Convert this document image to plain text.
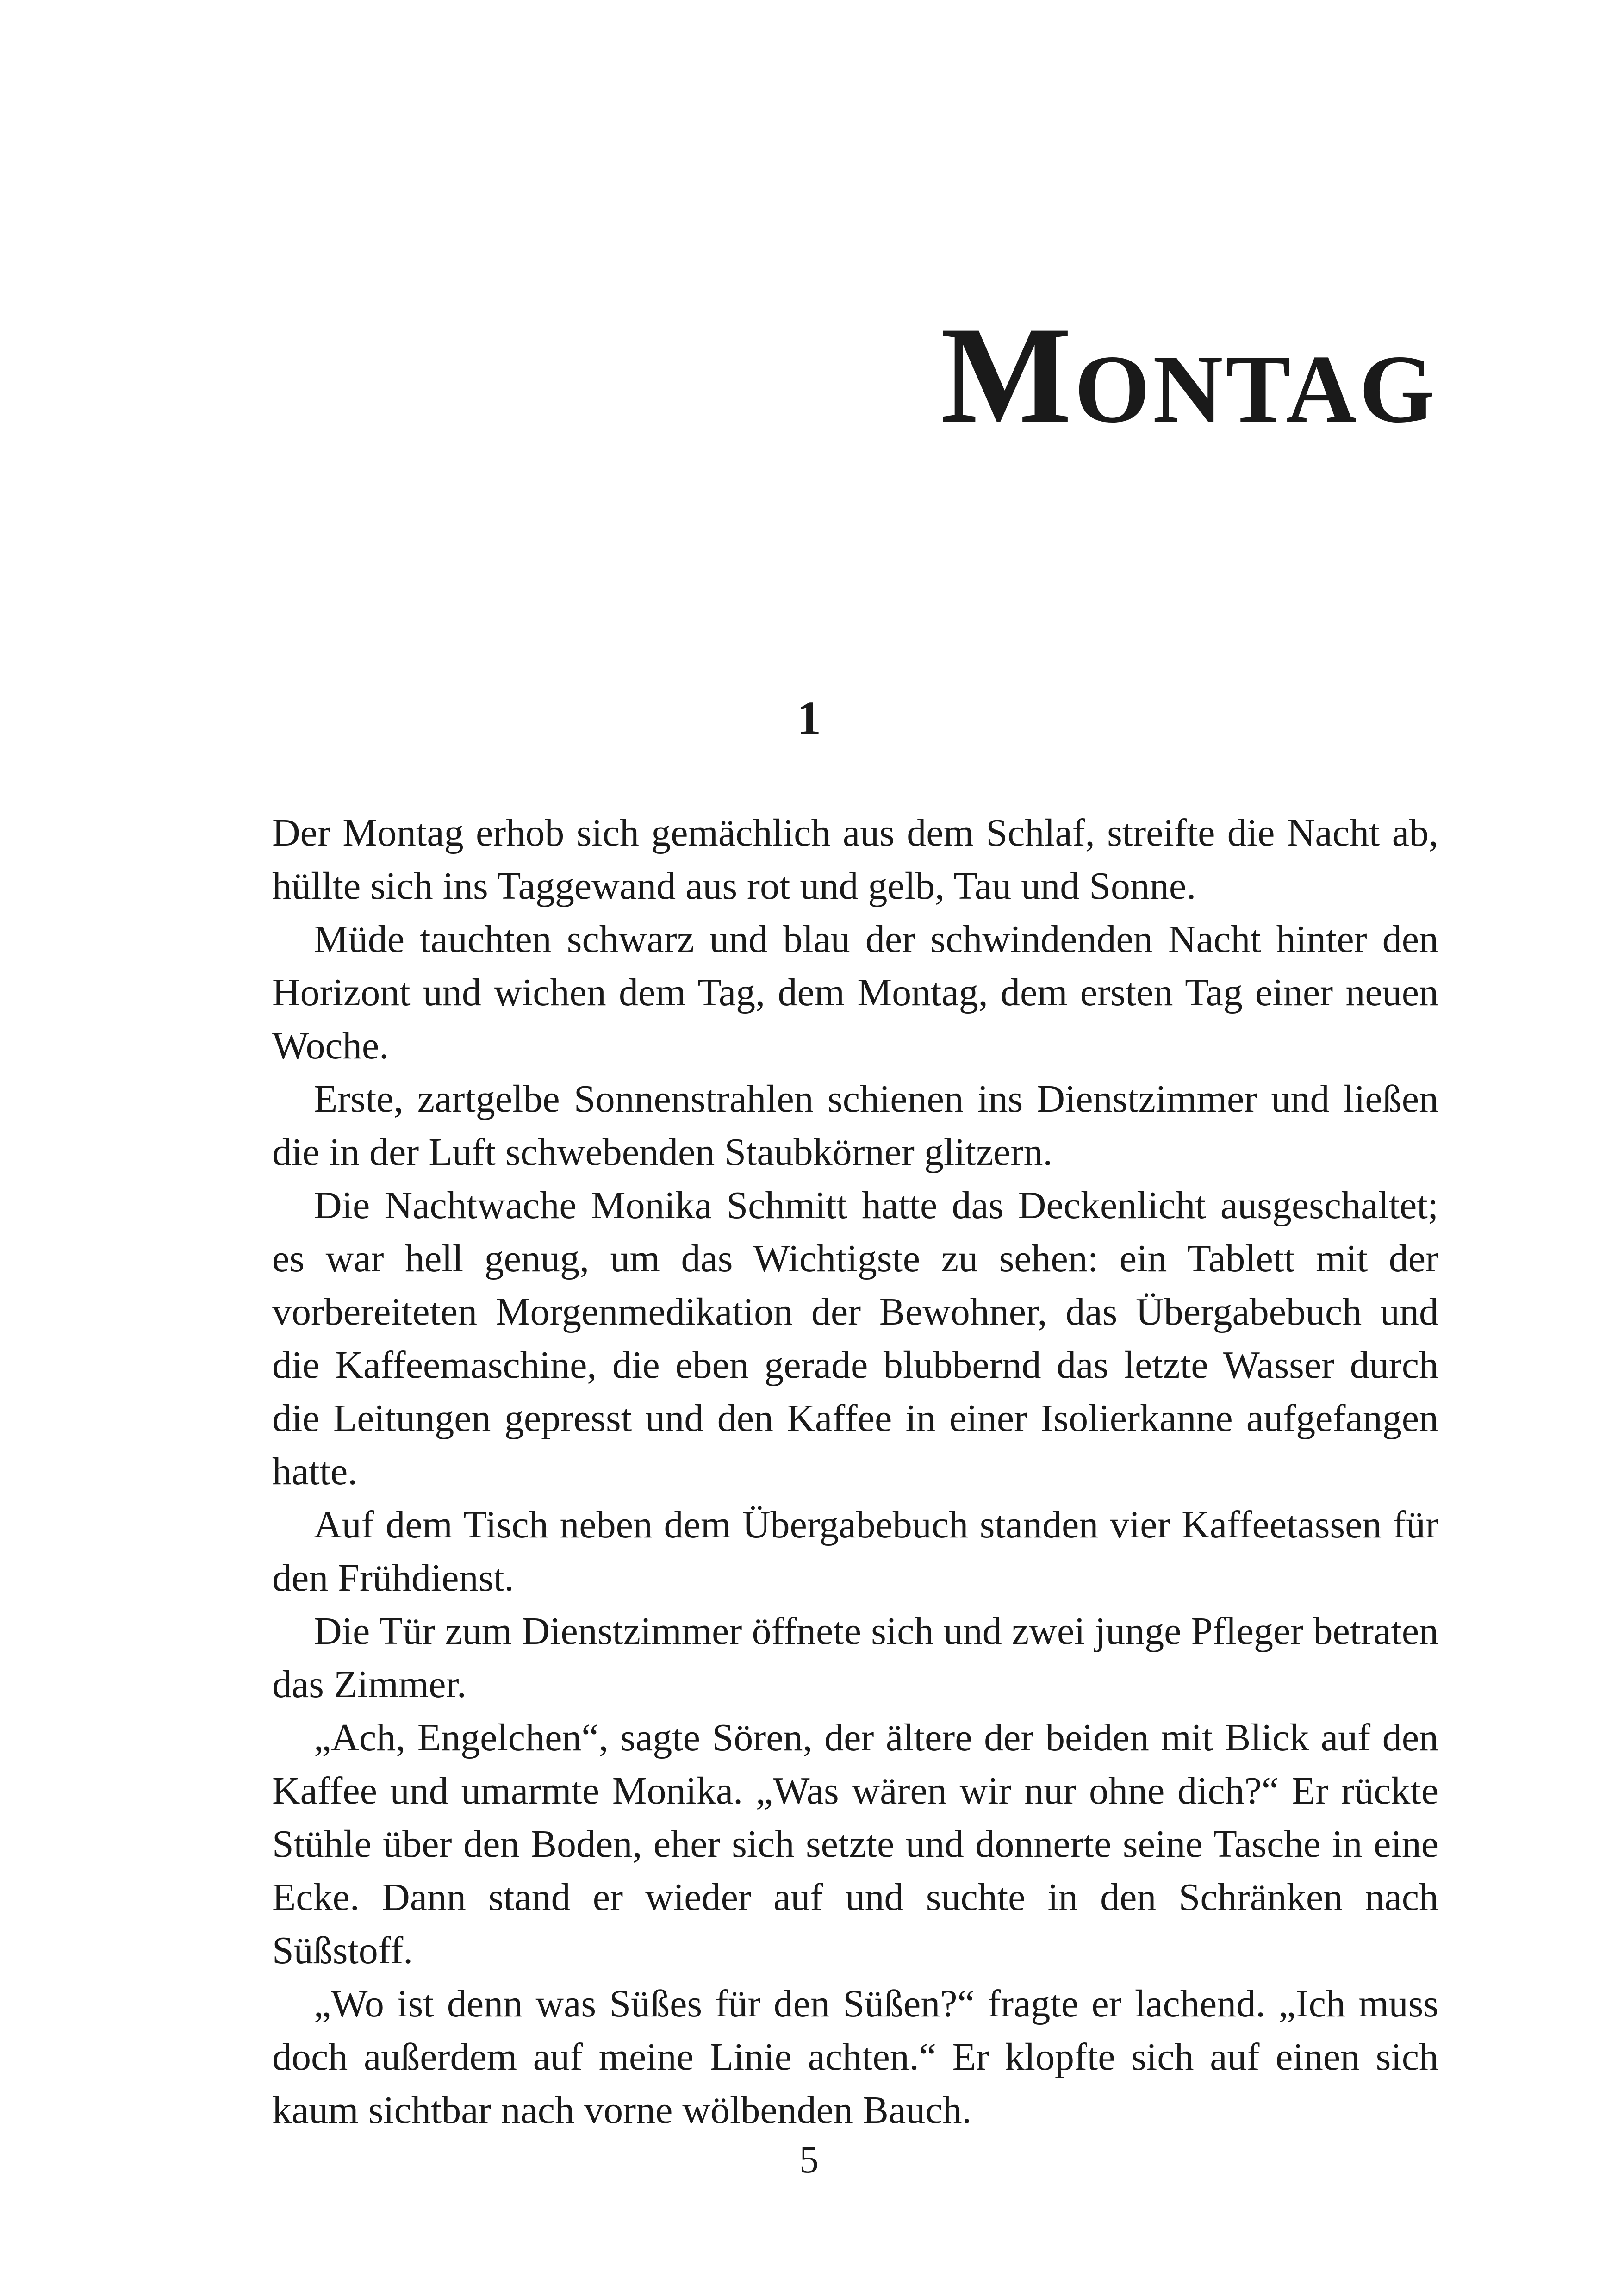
Montag
1

Der Montag erhob sich gemächlich aus dem Schlaf, streifte die Nacht ab, hüllte sich ins Taggewand aus rot und gelb, Tau und Sonne.

Müde tauchten schwarz und blau der schwindenden Nacht hinter den Horizont und wichen dem Tag, dem Montag, dem ersten Tag einer neuen Woche.

Erste, zartgelbe Sonnenstrahlen schienen ins Dienstzimmer und ließen die in der Luft schwebenden Staubkörner glitzern.

Die Nachtwache Monika Schmitt hatte das Deckenlicht ausgeschaltet; es war hell genug, um das Wichtigste zu sehen: ein Tablett mit der vorbereiteten Morgenmedikation der Bewohner, das Übergabebuch und die Kaffeemaschine, die eben gerade blubbernd das letzte Wasser durch die Leitungen gepresst und den Kaffee in einer Isolierkanne aufgefangen hatte.

Auf dem Tisch neben dem Übergabebuch standen vier Kaffeetassen für den Frühdienst.

Die Tür zum Dienstzimmer öffnete sich und zwei junge Pfleger betraten das Zimmer.

„Ach, Engelchen“, sagte Sören, der ältere der beiden mit Blick auf den Kaffee und umarmte Monika. „Was wären wir nur ohne dich?“ Er rückte Stühle über den Boden, eher sich setzte und donnerte seine Tasche in eine Ecke. Dann stand er wieder auf und suchte in den Schränken nach Süßstoff.

„Wo ist denn was Süßes für den Süßen?“ fragte er lachend. „Ich muss doch außerdem auf meine Linie achten.“ Er klopfte sich auf einen sich kaum sichtbar nach vorne wölbenden Bauch.

5
